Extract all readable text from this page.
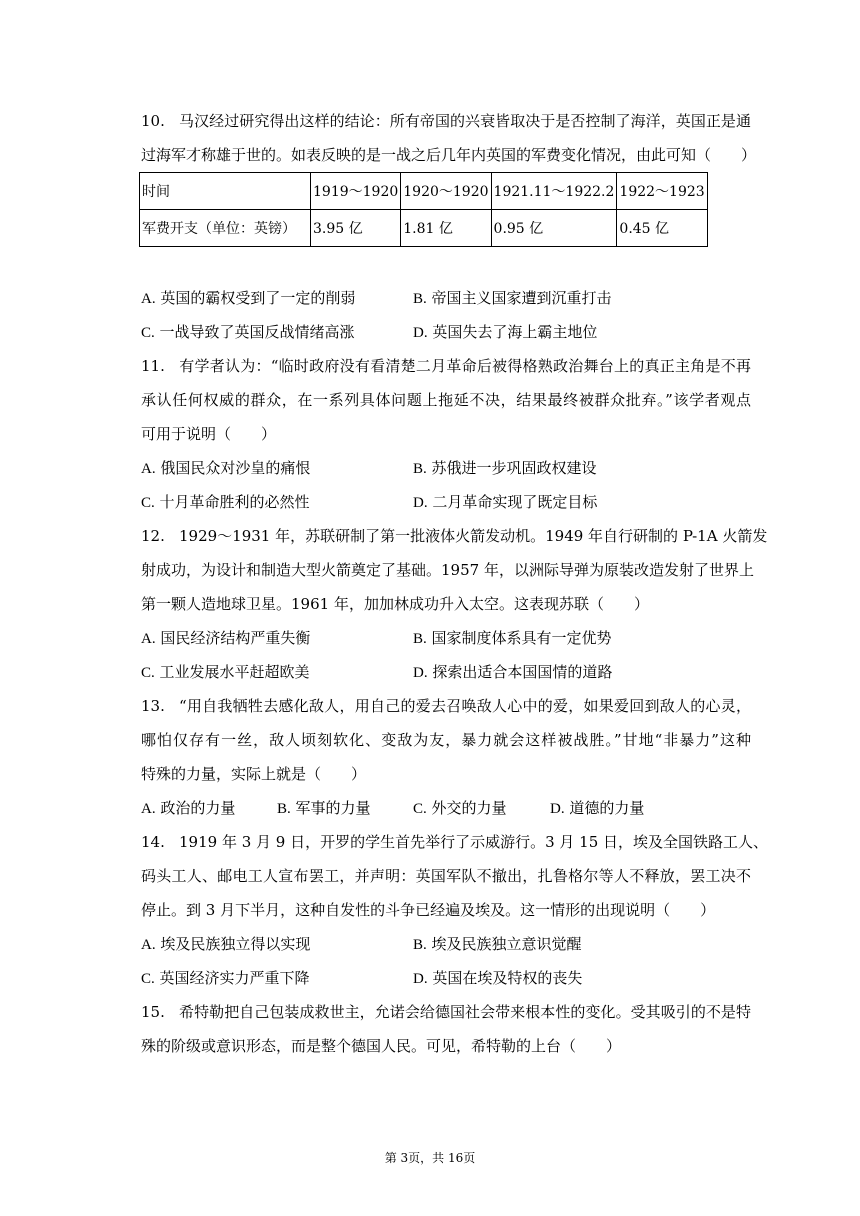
10. 马汉经过研究得出这样的结论：所有帝国的兴衰皆取决于是否控制了海洋，英国正是通
过海军才称雄于世的。如表反映的是一战之后几年内英国的军费变化情况，由此可知（　　）
时间	1919～1920	1920～1920	1921.11～1922.2	1922～1923
军费开支（单位：英镑）	3.95 亿	1.81 亿	0.95 亿	0.45 亿
A. 英国的霸权受到了一定的削弱	B. 帝国主义国家遭到沉重打击
C. 一战导致了英国反战情绪高涨	D. 英国失去了海上霸主地位
11. 有学者认为：“临时政府没有看清楚二月革命后被得格熟政治舞台上的真正主角是不再
承认任何权威的群众，在一系列具体问题上拖延不决，结果最终被群众批弃。”该学者观点
可用于说明（　　）
A. 俄国民众对沙皇的痛恨	B. 苏俄进一步巩固政权建设
C. 十月革命胜利的必然性	D. 二月革命实现了既定目标
12. 1929～1931 年，苏联研制了第一批液体火箭发动机。1949 年自行研制的 P-1A 火箭发
射成功，为设计和制造大型火箭奠定了基础。1957 年，以洲际导弹为原装改造发射了世界上
第一颗人造地球卫星。1961 年，加加林成功升入太空。这表现苏联（　　）
A. 国民经济结构严重失衡	B. 国家制度体系具有一定优势
C. 工业发展水平赶超欧美	D. 探索出适合本国国情的道路
13. “用自我牺牲去感化敌人，用自己的爱去召唤敌人心中的爱，如果爱回到敌人的心灵，
哪怕仅存有一丝，敌人顷刻软化、变敌为友，暴力就会这样被战胜。”甘地“非暴力”这种
特殊的力量，实际上就是（　　）
A. 政治的力量	B. 军事的力量	C. 外交的力量	D. 道德的力量
14. 1919 年 3 月 9 日，开罗的学生首先举行了示威游行。3 月 15 日，埃及全国铁路工人、
码头工人、邮电工人宣布罢工，并声明：英国军队不撤出，扎鲁格尔等人不释放，罢工决不
停止。到 3 月下半月，这种自发性的斗争已经遍及埃及。这一情形的出现说明（　　）
A. 埃及民族独立得以实现	B. 埃及民族独立意识觉醒
C. 英国经济实力严重下降	D. 英国在埃及特权的丧失
15. 希特勒把自己包装成救世主，允诺会给德国社会带来根本性的变化。受其吸引的不是特
殊的阶级或意识形态，而是整个德国人民。可见，希特勒的上台（　　）
第 3页，共 16页
